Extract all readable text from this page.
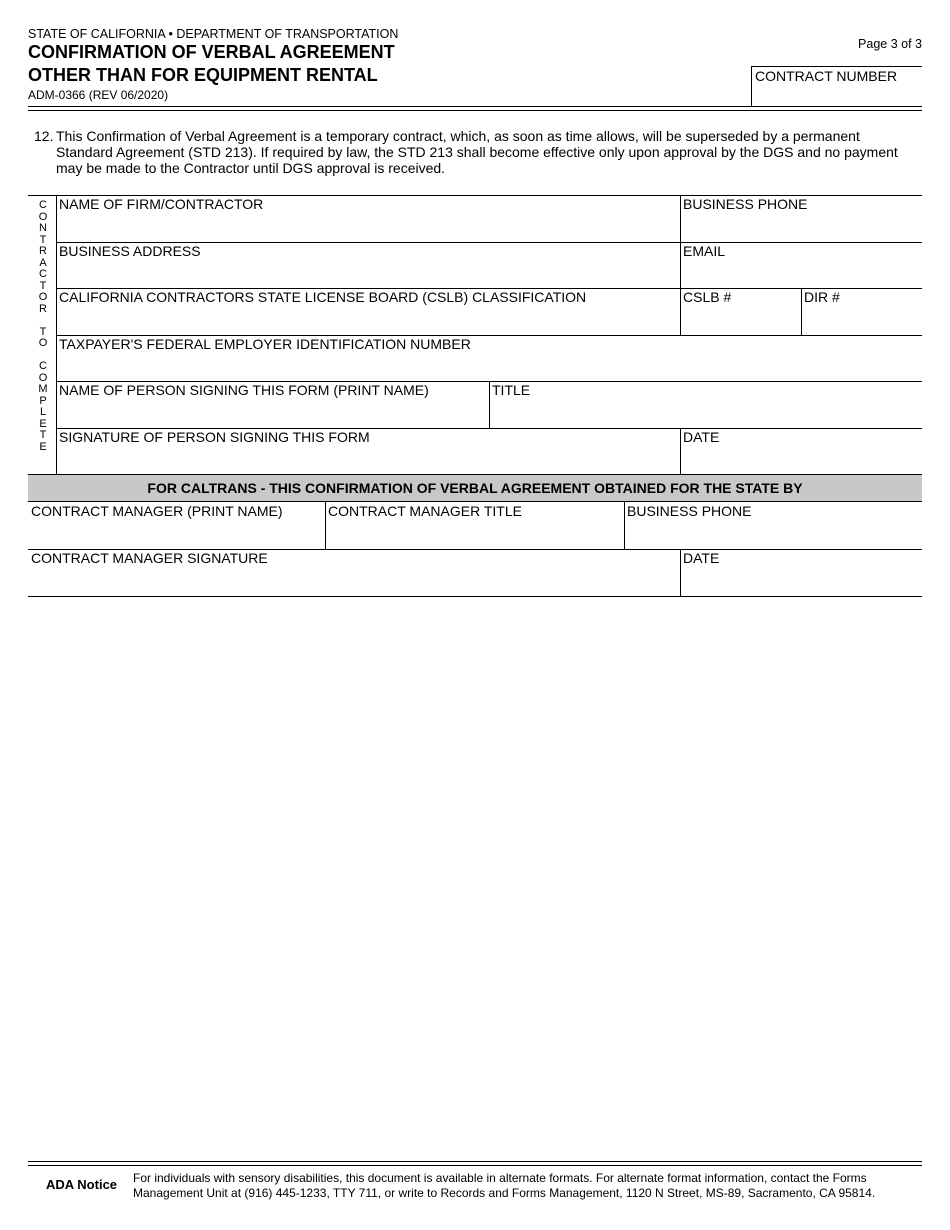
STATE OF CALIFORNIA • DEPARTMENT OF TRANSPORTATION
CONFIRMATION OF VERBAL AGREEMENT
OTHER THAN FOR EQUIPMENT RENTAL
ADM-0366 (REV 06/2020)
Page 3 of 3
CONTRACT NUMBER
12. This Confirmation of Verbal Agreement is a temporary contract, which, as soon as time allows, will be superseded by a permanent
Standard Agreement (STD 213). If required by law, the STD 213 shall become effective only upon approval by the DGS and no payment
may be made to the Contractor until DGS approval is received.
C
O
N
T
R
A
C
T
O
R

T
O

C
O
M
P
L
E
T
E
NAME OF FIRM/CONTRACTOR	BUSINESS PHONE
BUSINESS ADDRESS	EMAIL
CALIFORNIA CONTRACTORS STATE LICENSE BOARD (CSLB) CLASSIFICATION	CSLB #	DIR #
TAXPAYER'S FEDERAL EMPLOYER IDENTIFICATION NUMBER
NAME OF PERSON SIGNING THIS FORM (PRINT NAME)	TITLE
SIGNATURE OF PERSON SIGNING THIS FORM	DATE
FOR CALTRANS - THIS CONFIRMATION OF VERBAL AGREEMENT OBTAINED FOR THE STATE BY
CONTRACT MANAGER (PRINT NAME)	CONTRACT MANAGER TITLE	BUSINESS PHONE
CONTRACT MANAGER SIGNATURE	DATE
ADA Notice For individuals with sensory disabilities, this document is available in alternate formats. For alternate format information, contact the Forms
Management Unit at (916) 445-1233, TTY 711, or write to Records and Forms Management, 1120 N Street, MS-89, Sacramento, CA 95814.
